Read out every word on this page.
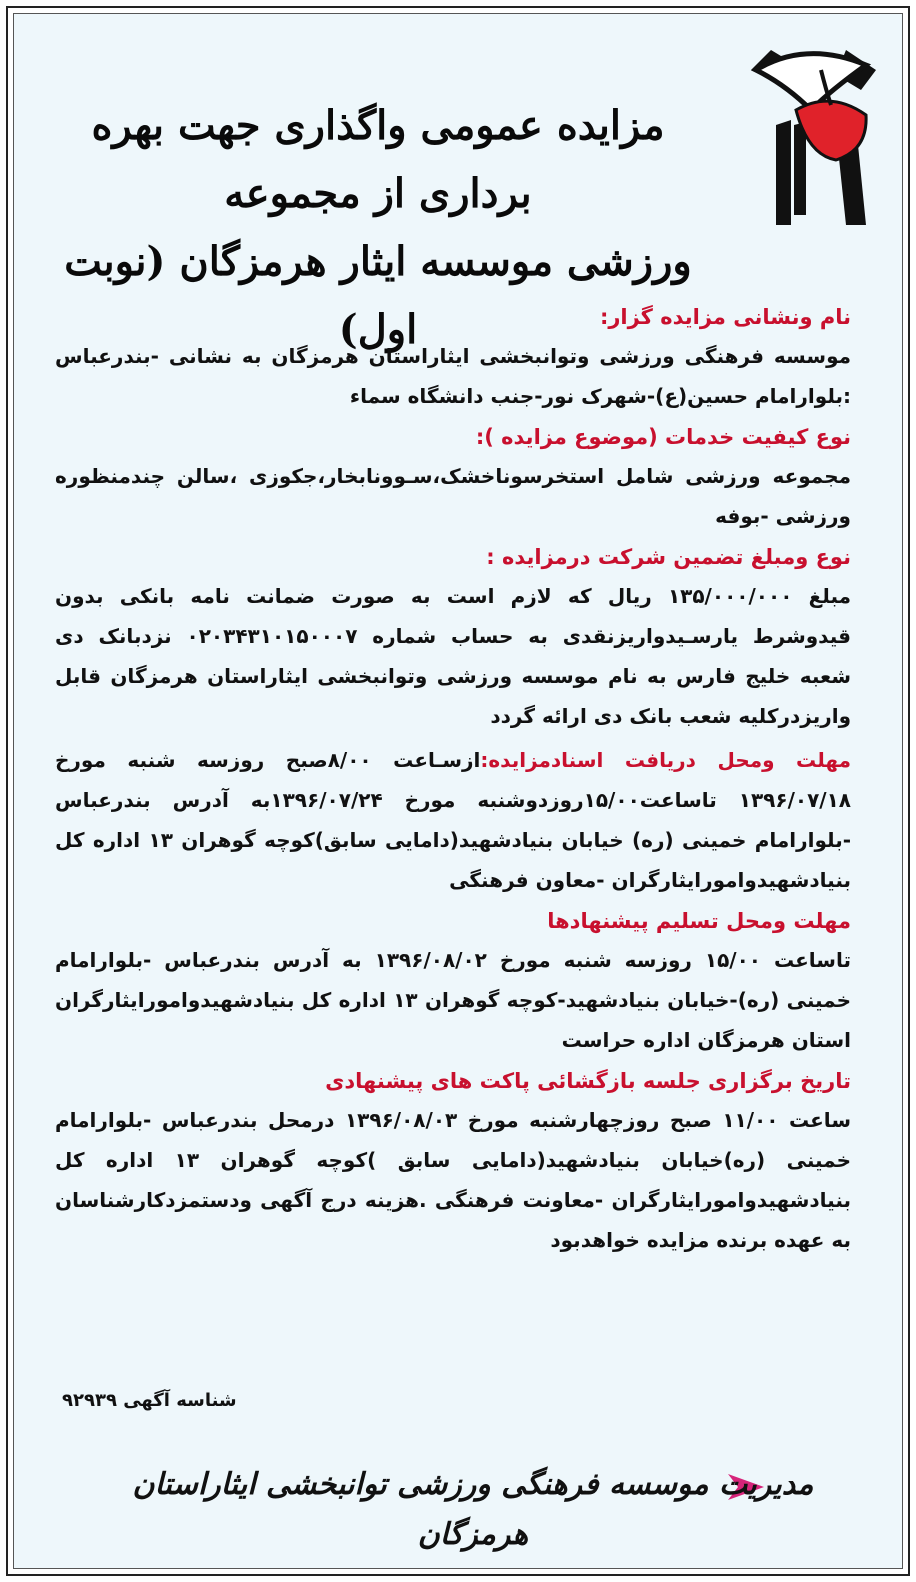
مزایده عمومی واگذاری جهت بهره برداری از مجموعه
ورزشی موسسه ایثار هرمزگان (نوبت اول)	نام ونشانی مزایده گزار:

موسسه فرهنگی ورزشی وتوانبخشی ایثاراستان هرمزگان به نشانی -بندرعباس :بلوارامام حسین(ع)-شهرک نور-جنب دانشگاه سماء

نوع کیفیت خدمات (موضوع مزایده ):

مجموعه ورزشی شامل استخرسوناخشک،سـوونابخار،جکوزی ،سالن چندمنظوره ورزشی -بوفه

نوع ومبلغ تضمین شرکت درمزایده :

مبلغ ۱۳۵/۰۰۰/۰۰۰ ریال که لازم است به صورت ضمانت نامه بانکی بدون قیدوشرط یارسـیدواریزنقدی به حساب شماره ۰۲۰۳۴۳۱۰۱۵۰۰۰۷ نزدبانک دی شعبه خلیج فارس به نام موسسه ورزشی وتوانبخشی ایثاراستان هرمزگان قابل واریزدرکلیه شعب بانک دی ارائه گردد

مهلت ومحل دریافت اسنادمزایده:ازسـاعت ۸/۰۰صبح روزسه شنبه مورخ ۱۳۹۶/۰۷/۱۸ تاساعت۱۵/۰۰روزدوشنبه مورخ ۱۳۹۶/۰۷/۲۴به آدرس بندرعباس -بلوارامام خمینی (ره) خیابان بنیادشهید(دامایی سابق)کوچه گوهران ۱۳ اداره کل بنیادشهیدوامورایثارگران -معاون فرهنگی

مهلت ومحل تسلیم پیشنهادها

تاساعت ۱۵/۰۰ روزسه شنبه مورخ ۱۳۹۶/۰۸/۰۲ به آدرس بندرعباس -بلوارامام خمینی (ره)-خیابان بنیادشهید-کوچه گوهران ۱۳ اداره کل بنیادشهیدوامورایثارگران استان هرمزگان اداره حراست

تاریخ برگزاری جلسه بازگشائی پاکت های پیشنهادی

ساعت ۱۱/۰۰ صبح روزچهارشنبه مورخ ۱۳۹۶/۰۸/۰۳ درمحل بندرعباس -بلوارامام خمینی (ره)خیابان بنیادشهید(دامایی سابق )کوچه گوهران ۱۳ اداره کل بنیادشهیدوامورایثارگران -معاونت فرهنگی .هزینه درج آگهی ودستمزدکارشناسان به عهده برنده مزایده خواهدبود

شناسه آگهی ۹۲۹۳۹
مدیریت موسسه فرهنگی ورزشی توانبخشی ایثاراستان هرمزگان
